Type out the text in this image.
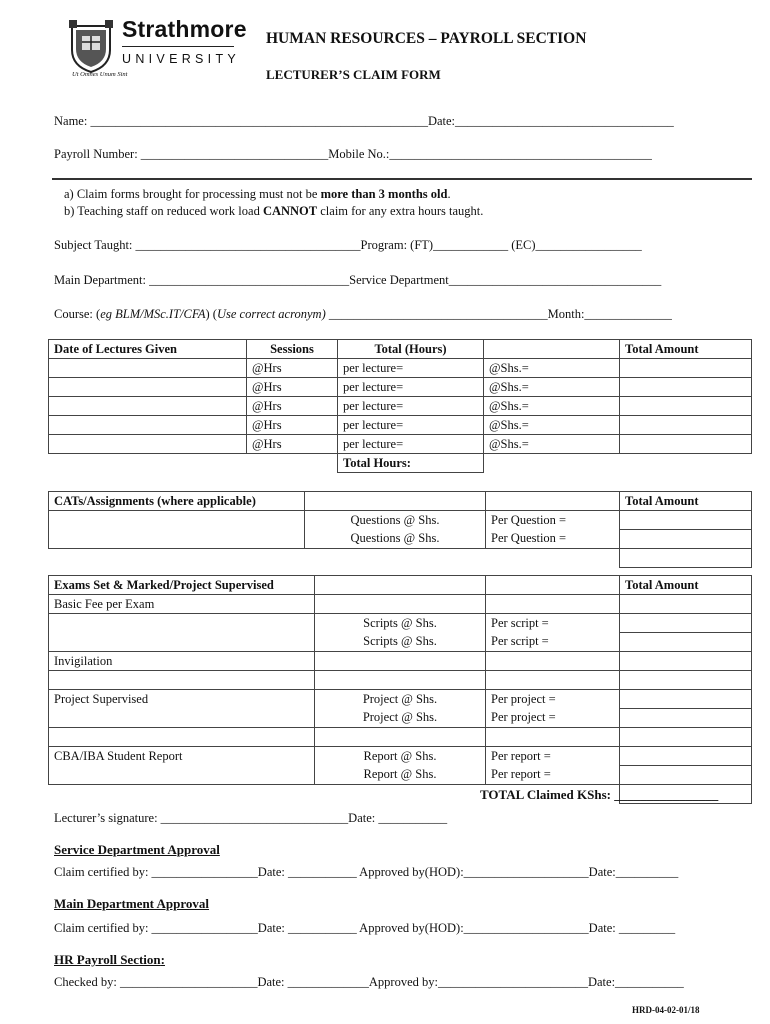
Strathmore
UNIVERSITY
Ut Omnes Unum Sint
HUMAN RESOURCES – PAYROLL SECTION
LECTURER’S CLAIM FORM
Name: ______________________________________________________Date:___________________________________
Payroll Number: ______________________________Mobile No.:__________________________________________
a) Claim forms brought for processing must not be more than 3 months old.
b) Teaching staff on reduced work load CANNOT claim for any extra hours taught.
Subject Taught: ____________________________________Program: (FT)____________ (EC)_________________
Main Department: ________________________________Service Department__________________________________
Course: (eg BLM/MSc.IT/CFA) (Use correct acronym) ___________________________________Month:______________
Date of Lectures Given	Sessions	Total (Hours)		Total Amount
	@Hrs	per lecture=	@Shs.=	
	@Hrs	per lecture=	@Shs.=	
	@Hrs	per lecture=	@Shs.=	
	@Hrs	per lecture=	@Shs.=	
	@Hrs	per lecture=	@Shs.=	
		Total Hours:		
CATs/Assignments (where applicable)			Total Amount
	Questions @ Shs.	Per Question =	
	Questions @ Shs.	Per Question =	

Exams Set & Marked/Project Supervised			Total Amount
Basic Fee per Exam			
	Scripts @ Shs.	Per script =	
	Scripts @ Shs.	Per script =	
Invigilation			

Project Supervised	Project @ Shs.	Per project =	
	Project @ Shs.	Per project =	

CBA/IBA Student Report	Report @ Shs.	Per report =	
	Report @ Shs.	Per report =	

TOTAL Claimed KShs: ________________
Lecturer’s signature: ______________________________Date: ___________
Service Department Approval
Claim certified by: _________________Date: ___________ Approved by(HOD):____________________Date:__________
Main Department Approval
Claim certified by: _________________Date: ___________ Approved by(HOD):____________________Date: _________
HR Payroll Section:
Checked by: ______________________Date: _____________Approved by:________________________Date:___________
HRD-04-02-01/18
